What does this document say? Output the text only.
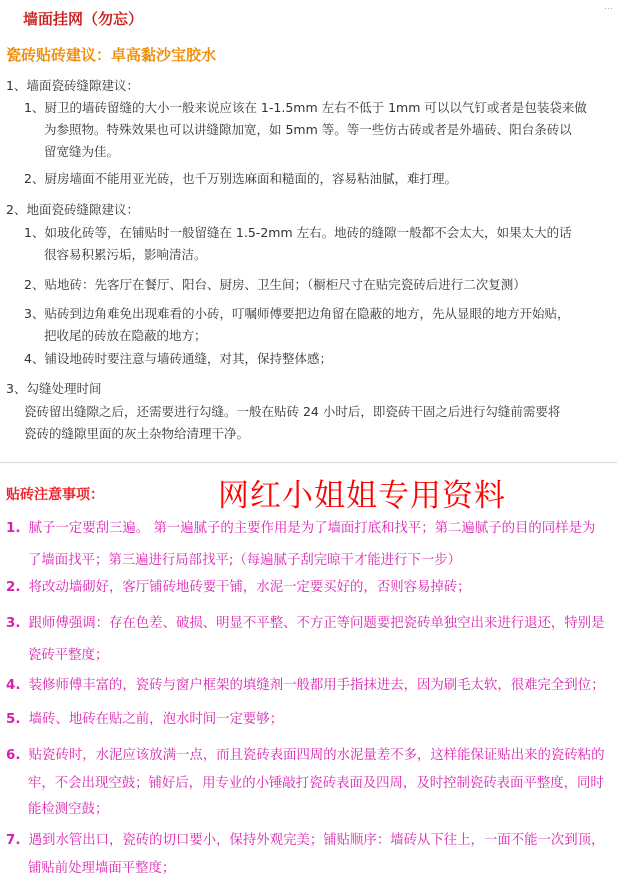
墙面挂网（勿忘）
…
瓷砖贴砖建议：卓高黏沙宝胶水
1、墙面瓷砖缝隙建议：
1、厨卫的墙砖留缝的大小一般来说应该在 1-1.5mm 左右不低于 1mm 可以以气钉或者是包装袋来做
为参照物。特殊效果也可以讲缝隙加宽，如 5mm 等。等一些仿古砖或者是外墙砖、阳台条砖以
留宽缝为佳。
2、厨房墙面不能用亚光砖，也千万别选麻面和糙面的，容易粘油腻，难打理。
2、地面瓷砖缝隙建议：
1、如玻化砖等，在铺贴时一般留缝在 1.5-2mm 左右。地砖的缝隙一般都不会太大，如果太大的话
很容易积累污垢，影响清洁。
2、贴地砖：先客厅在餐厅、阳台、厨房、卫生间；（橱柜尺寸在贴完瓷砖后进行二次复测）
3、贴砖到边角难免出现难看的小砖，叮嘱师傅要把边角留在隐蔽的地方，先从显眼的地方开始贴，
把收尾的砖放在隐蔽的地方；
4、铺设地砖时要注意与墙砖通缝，对其，保持整体感；
3、勾缝处理时间
瓷砖留出缝隙之后，还需要进行勾缝。一般在贴砖 24 小时后，即瓷砖干固之后进行勾缝前需要将
瓷砖的缝隙里面的灰土杂物给清理干净。
贴砖注意事项：	网红小姐姐专用资料
1. 腻子一定要刮三遍。 第一遍腻子的主要作用是为了墙面打底和找平；第二遍腻子的目的同样是为
了墙面找平；第三遍进行局部找平;（每遍腻子刮完晾干才能进行下一步）
2. 将改动墙砌好，客厅铺砖地砖要干铺，水泥一定要买好的，否则容易掉砖；
3. 跟师傅强调：存在色差、破损、明显不平整、不方正等问题要把瓷砖单独空出来进行退还，特别是
瓷砖平整度；
4. 装修师傅丰富的，瓷砖与窗户框架的填缝剂一般都用手指抹进去，因为刷毛太软，很难完全到位；
5. 墙砖、地砖在贴之前，泡水时间一定要够；
6. 贴瓷砖时，水泥应该放满一点，而且瓷砖表面四周的水泥量差不多，这样能保证贴出来的瓷砖粘的
牢，不会出现空鼓；铺好后，用专业的小锤敲打瓷砖表面及四周，及时控制瓷砖表面平整度，同时
能检测空鼓；
7. 遇到水管出口，瓷砖的切口要小，保持外观完美；铺贴顺序：墙砖从下往上，一面不能一次到顶，
铺贴前处理墙面平整度；
